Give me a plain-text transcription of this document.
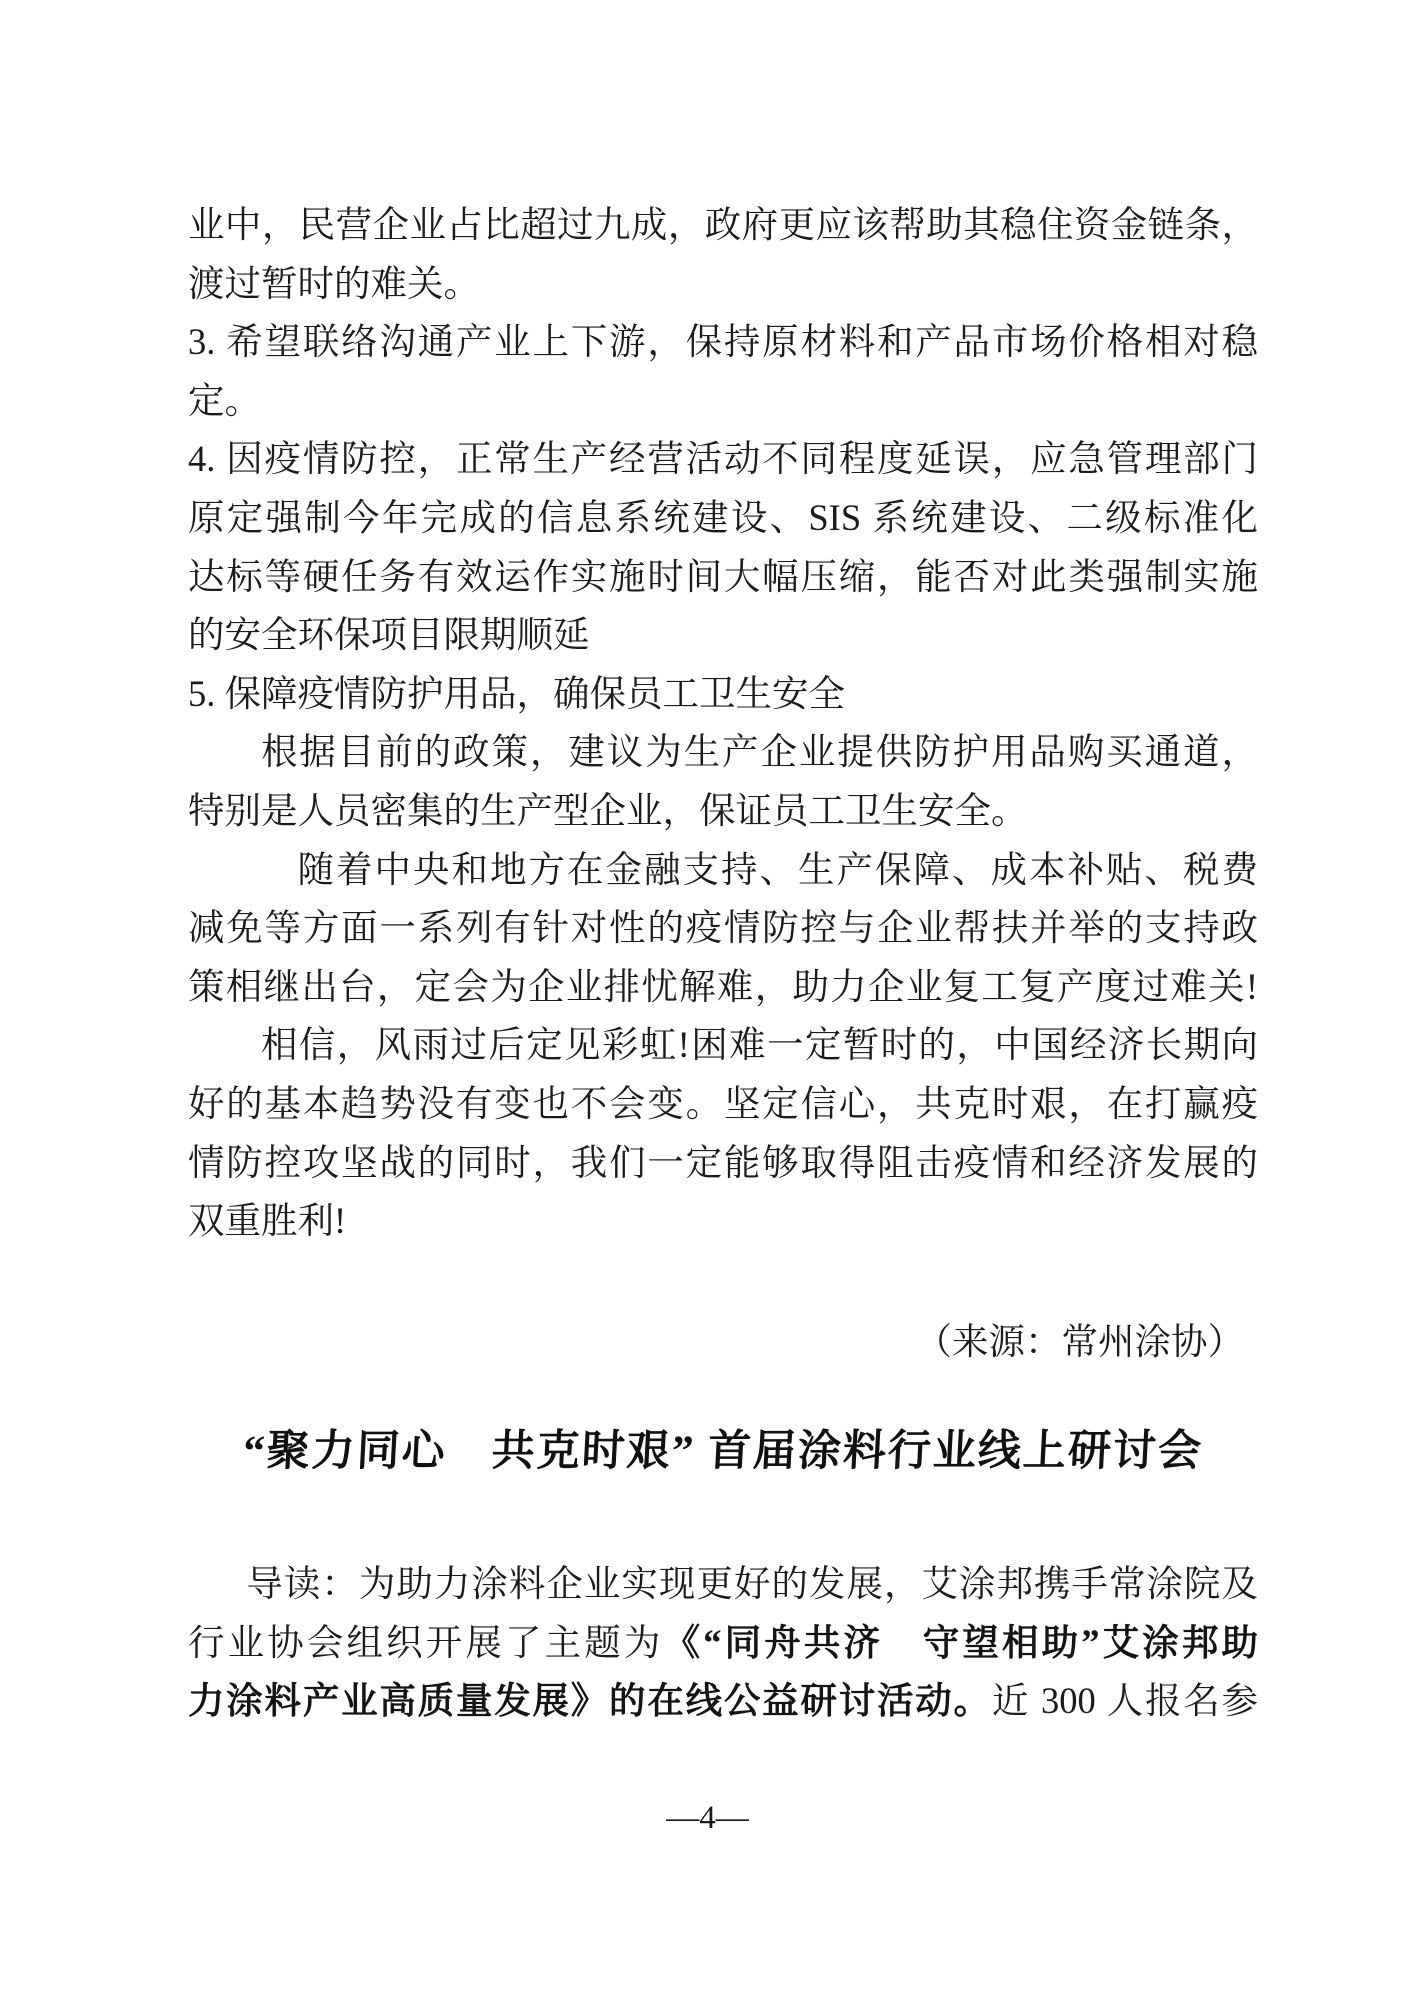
业中，民营企业占比超过九成，政府更应该帮助其稳住资金链条，
渡过暂时的难关。
3. 希望联络沟通产业上下游，保持原材料和产品市场价格相对稳
定。
4. 因疫情防控，正常生产经营活动不同程度延误，应急管理部门
原定强制今年完成的信息系统建设、SIS 系统建设、二级标准化
达标等硬任务有效运作实施时间大幅压缩，能否对此类强制实施
的安全环保项目限期顺延
5. 保障疫情防护用品，确保员工卫生安全
根据目前的政策，建议为生产企业提供防护用品购买通道，
特别是人员密集的生产型企业，保证员工卫生安全。
随着中央和地方在金融支持、生产保障、成本补贴、税费
减免等方面一系列有针对性的疫情防控与企业帮扶并举的支持政
策相继出台，定会为企业排忧解难，助力企业复工复产度过难关!
相信，风雨过后定见彩虹!困难一定暂时的，中国经济长期向
好的基本趋势没有变也不会变。坚定信心，共克时艰，在打赢疫
情防控攻坚战的同时，我们一定能够取得阻击疫情和经济发展的
双重胜利!
（来源：常州涂协）
“聚力同心　共克时艰” 首届涂料行业线上研讨会
导读：为助力涂料企业实现更好的发展，艾涂邦携手常涂院及
行业协会组织开展了主题为《“同舟共济　守望相助”艾涂邦助
力涂料产业高质量发展》的在线公益研讨活动。近 300 人报名参
—4—
